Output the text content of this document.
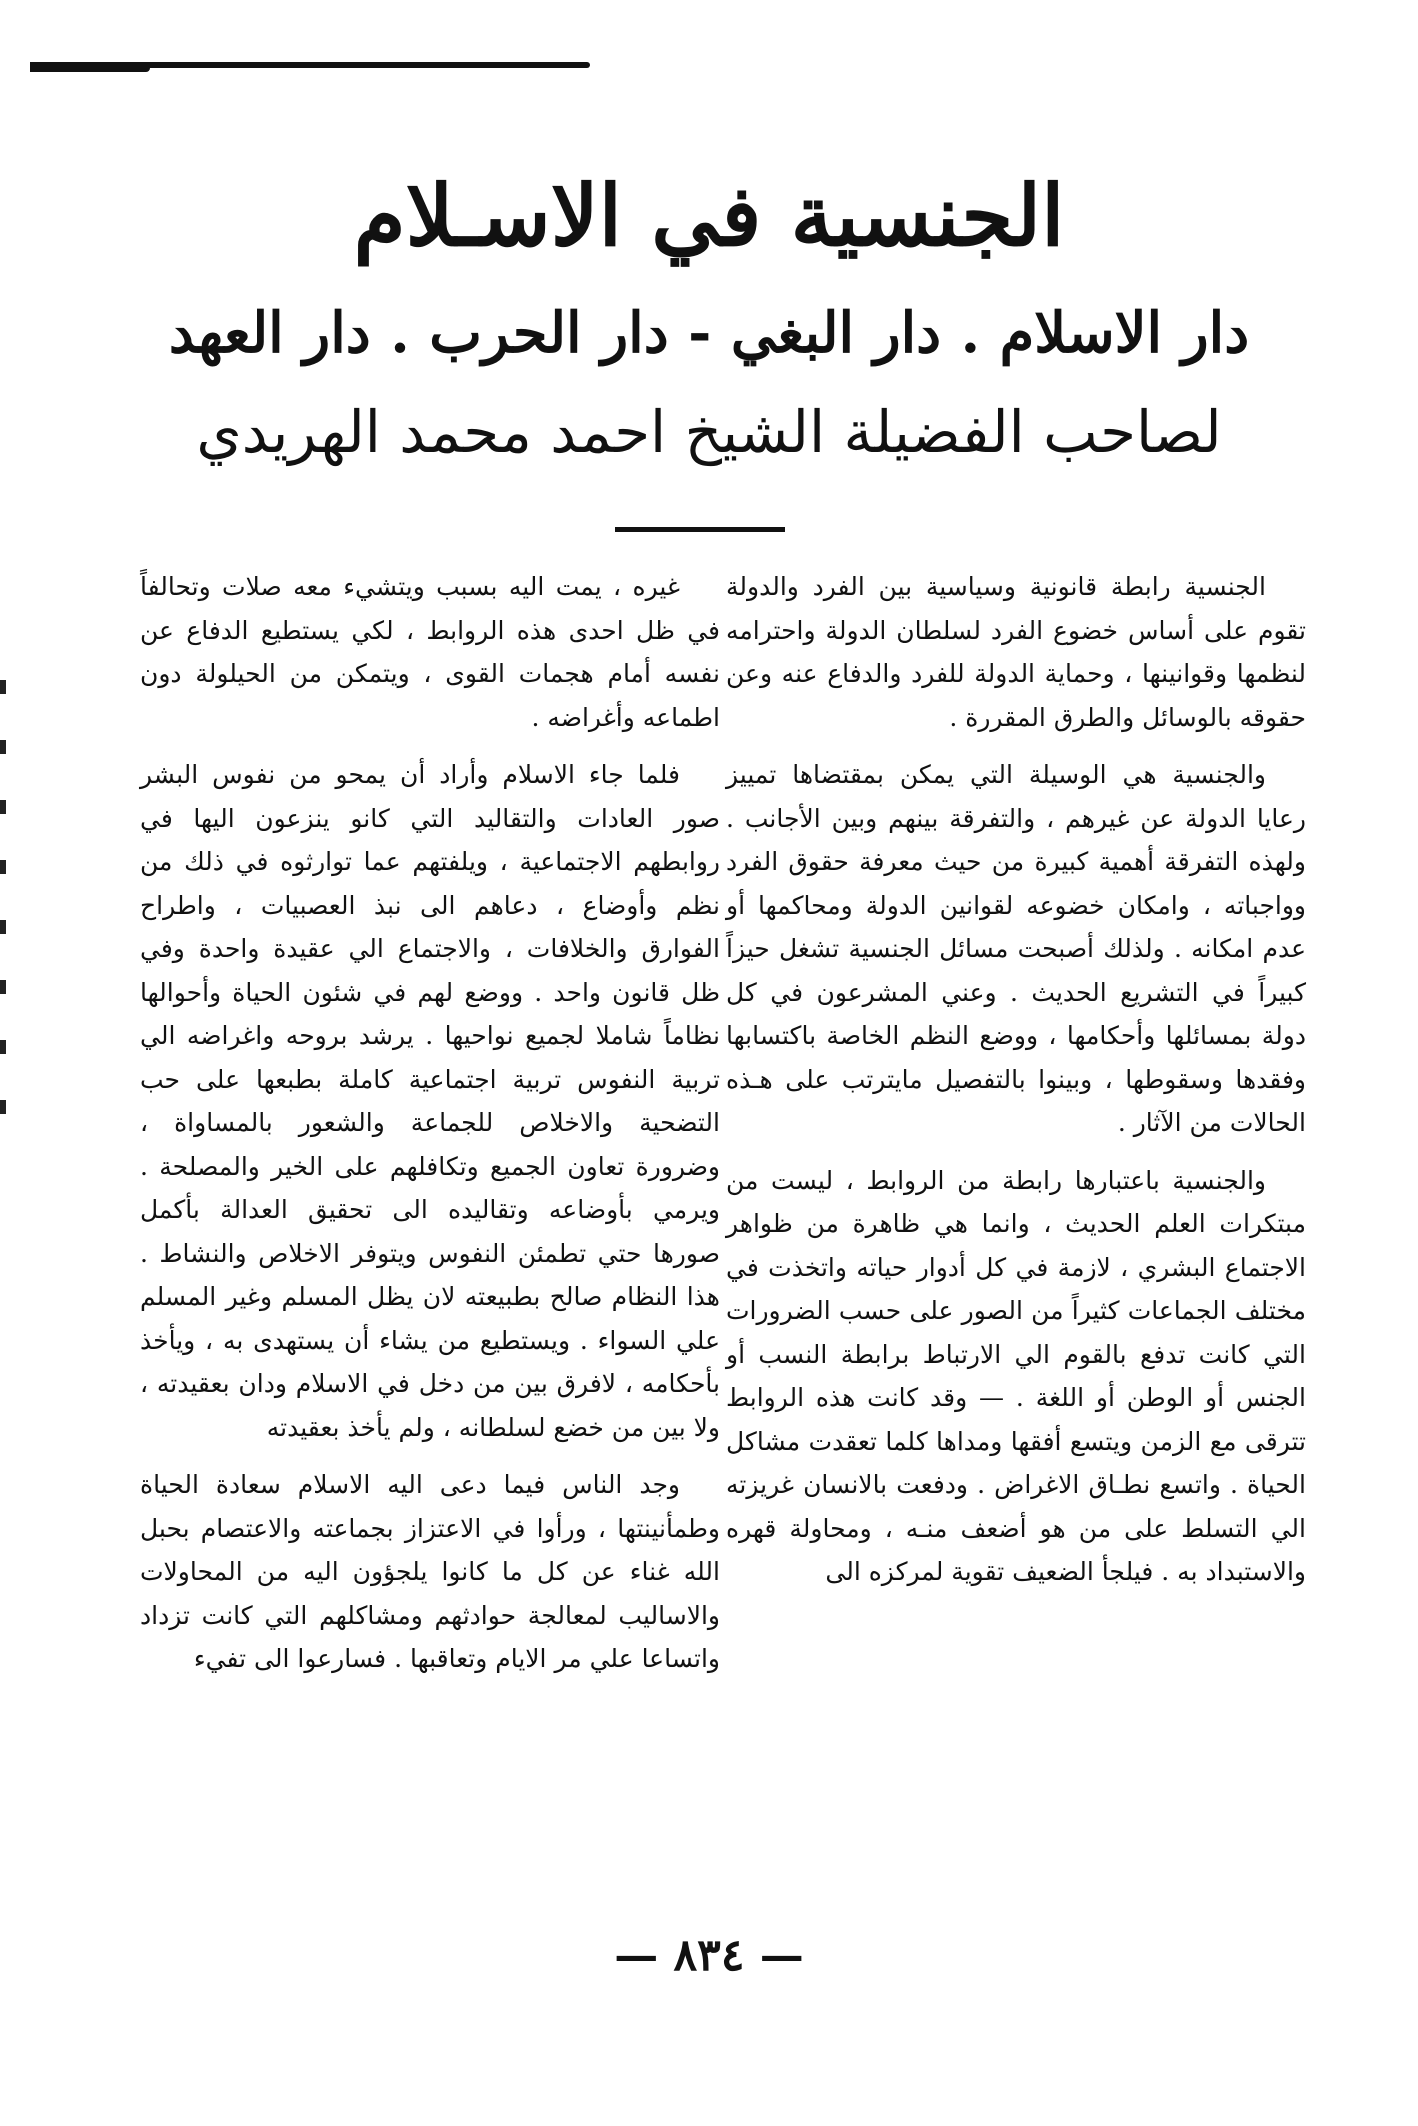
الجنسية في الاسـلام
دار الاسلام . دار البغي - دار الحرب . دار العهد
لصاحب الفضيلة الشيخ احمد محمد الهريدي

الجنسية رابطة قانونية وسياسية بين الفرد والدولة تقوم على أساس خضوع الفرد لسلطان الدولة واحترامه لنظمها وقوانينها ، وحماية الدولة للفرد والدفاع عنه وعن حقوقه بالوسائل والطرق المقررة .

والجنسية هي الوسيلة التي يمكن بمقتضاها تمييز رعايا الدولة عن غيرهم ، والتفرقة بينهم وبين الأجانب . ولهذه التفرقة أهمية كبيرة من حيث معرفة حقوق الفرد وواجباته ، وامكان خضوعه لقوانين الدولة ومحاكمها أو عدم امكانه . ولذلك أصبحت مسائل الجنسية تشغل حيزاً كبيراً في التشريع الحديث . وعني المشرعون في كل دولة بمسائلها وأحكامها ، ووضع النظم الخاصة باكتسابها وفقدها وسقوطها ، وبينوا بالتفصيل مايترتب على هـذه الحالات من الآثار .

والجنسية باعتبارها رابطة من الروابط ، ليست من مبتكرات العلم الحديث ، وانما هي ظاهرة من ظواهر الاجتماع البشري ، لازمة في كل أدوار حياته واتخذت في مختلف الجماعات كثيراً من الصور على حسب الضرورات التي كانت تدفع بالقوم الي الارتباط برابطة النسب أو الجنس أو الوطن أو اللغة . — وقد كانت هذه الروابط تترقى مع الزمن ويتسع أفقها ومداها كلما تعقدت مشاكل الحياة . واتسع نطـاق الاغراض . ودفعت بالانسان غريزته الي التسلط على من هو أضعف منـه ، ومحاولة قهره والاستبداد به . فيلجأ الضعيف تقوية لمركزه الى

غيره ، يمت اليه بسبب ويتشيء معه صلات وتحالفاً في ظل احدى هذه الروابط ، لكي يستطيع الدفاع عن نفسه أمام هجمات القوى ، ويتمكن من الحيلولة دون اطماعه وأغراضه .

فلما جاء الاسلام وأراد أن يمحو من نفوس البشر صور العادات والتقاليد التي كانو ينزعون اليها في روابطهم الاجتماعية ، ويلفتهم عما توارثوه في ذلك من نظم وأوضاع ، دعاهم الى نبذ العصبيات ، واطراح الفوارق والخلافات ، والاجتماع الي عقيدة واحدة وفي ظل قانون واحد . ووضع لهم في شئون الحياة وأحوالها نظاماً شاملا لجميع نواحيها . يرشد بروحه واغراضه الي تربية النفوس تربية اجتماعية كاملة بطبعها على حب التضحية والاخلاص للجماعة والشعور بالمساواة ، وضرورة تعاون الجميع وتكافلهم على الخير والمصلحة . ويرمي بأوضاعه وتقاليده الى تحقيق العدالة بأكمل صورها حتي تطمئن النفوس ويتوفر الاخلاص والنشاط . هذا النظام صالح بطبيعته لان يظل المسلم وغير المسلم علي السواء . ويستطيع من يشاء أن يستهدى به ، ويأخذ بأحكامه ، لافرق بين من دخل في الاسلام ودان بعقيدته ، ولا بين من خضع لسلطانه ، ولم يأخذ بعقيدته

وجد الناس فيما دعى اليه الاسلام سعادة الحياة وطمأنينتها ، ورأوا في الاعتزاز بجماعته والاعتصام بحبل الله غناء عن كل ما كانوا يلجؤون اليه من المحاولات والاساليب لمعالجة حوادثهم ومشاكلهم التي كانت تزداد واتساعا علي مر الايام وتعاقبها . فسارعوا الى تفيء

— ٨٣٤ —
